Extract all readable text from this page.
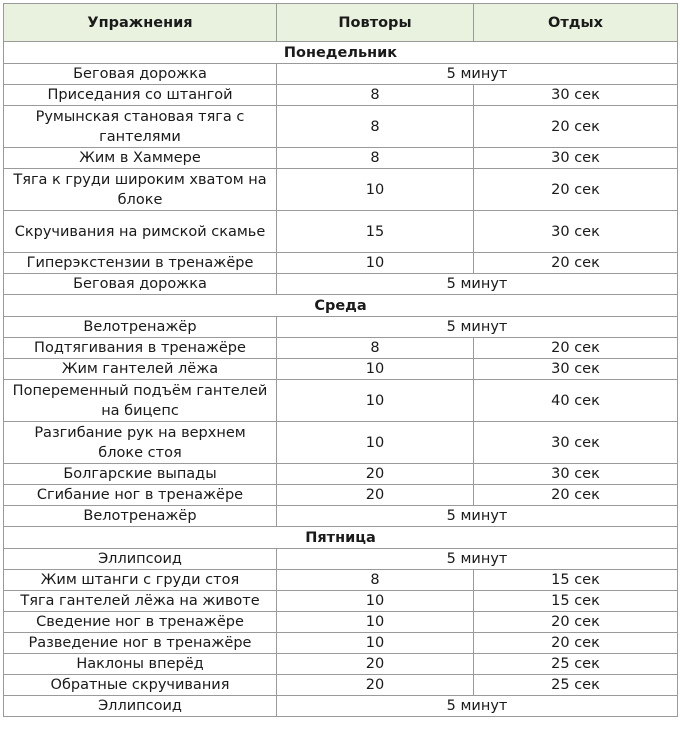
Упражнения	Повторы	Отдых
Понедельник		
Беговая дорожка	5 минут	
Приседания со штангой	8	30 сек
Румынская становая тяга с гантелями	8	20 сек
Жим в Хаммере	8	30 сек
Тяга к груди широким хватом на блоке	10	20 сек
Скручивания на римской скамье	15	30 сек
Гиперэкстензии в тренажёре	10	20 сек
Беговая дорожка	5 минут	
Среда		
Велотренажёр	5 минут	
Подтягивания в тренажёре	8	20 сек
Жим гантелей лёжа	10	30 сек
Попеременный подъём гантелей на бицепс	10	40 сек
Разгибание рук на верхнем блоке стоя	10	30 сек
Болгарские выпады	20	30 сек
Сгибание ног в тренажёре	20	20 сек
Велотренажёр	5 минут	
Пятница		
Эллипсоид	5 минут	
Жим штанги с груди стоя	8	15 сек
Тяга гантелей лёжа на животе	10	15 сек
Сведение ног в тренажёре	10	20 сек
Разведение ног в тренажёре	10	20 сек
Наклоны вперёд	20	25 сек
Обратные скручивания	20	25 сек
Эллипсоид	5 минут	
